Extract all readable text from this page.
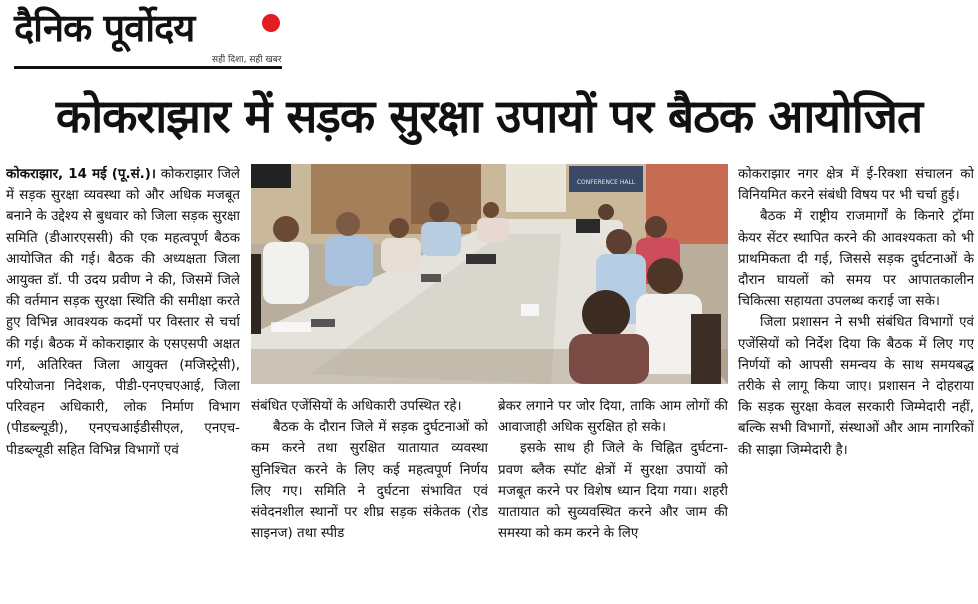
दैनिक पूर्वोदय
सही दिशा, सही खबर
कोकराझार में सड़क सुरक्षा उपायों पर बैठक आयोजित

कोकराझार, 14 मई (पू.सं.)। कोकराझार जिले में सड़क सुरक्षा व्यवस्था को और अधिक मजबूत बनाने के उद्देश्य से बुधवार को जिला सड़क सुरक्षा समिति (डीआरएससी) की एक महत्वपूर्ण बैठक आयोजित की गई। बैठक की अध्यक्षता जिला आयुक्त डॉ. पी उदय प्रवीण ने की, जिसमें जिले की वर्तमान सड़क सुरक्षा स्थिति की समीक्षा करते हुए विभिन्न आवश्यक कदमों पर विस्तार से चर्चा की गई। बैठक में कोकराझार के एसएसपी अक्षत गर्ग, अतिरिक्त जिला आयुक्त (मजिस्ट्रेसी), परियोजना निदेशक, पीडी-एनएचएआई, जिला परिवहन अधिकारी, लोक निर्माण विभाग (पीडब्ल्यूडी), एनएचआईडीसीएल, एनएच-पीडब्ल्यूडी सहित विभिन्न विभागों एवं

CONFERENCE HALL

संबंधित एजेंसियों के अधिकारी उपस्थित रहे।

बैठक के दौरान जिले में सड़क दुर्घटनाओं को कम करने तथा सुरक्षित यातायात व्यवस्था सुनिश्चित करने के लिए कई महत्वपूर्ण निर्णय लिए गए। समिति ने दुर्घटना संभावित एवं संवेदनशील स्थानों पर शीघ्र सड़क संकेतक (रोड साइनज) तथा स्पीड

ब्रेकर लगाने पर जोर दिया, ताकि आम लोगों की आवाजाही अधिक सुरक्षित हो सके।

इसके साथ ही जिले के चिह्नित दुर्घटना-प्रवण ब्लैक स्पॉट क्षेत्रों में सुरक्षा उपायों को मजबूत करने पर विशेष ध्यान दिया गया। शहरी यातायात को सुव्यवस्थित करने और जाम की समस्या को कम करने के लिए

कोकराझार नगर क्षेत्र में ई-रिक्शा संचालन को विनियमित करने संबंधी विषय पर भी चर्चा हुई।

बैठक में राष्ट्रीय राजमार्गों के किनारे ट्रॉमा केयर सेंटर स्थापित करने की आवश्यकता को भी प्राथमिकता दी गई, जिससे सड़क दुर्घटनाओं के दौरान घायलों को समय पर आपातकालीन चिकित्सा सहायता उपलब्ध कराई जा सके।

जिला प्रशासन ने सभी संबंधित विभागों एवं एजेंसियों को निर्देश दिया कि बैठक में लिए गए निर्णयों को आपसी समन्वय के साथ समयबद्ध तरीके से लागू किया जाए। प्रशासन ने दोहराया कि सड़क सुरक्षा केवल सरकारी जिम्मेदारी नहीं, बल्कि सभी विभागों, संस्थाओं और आम नागरिकों की साझा जिम्मेदारी है।
